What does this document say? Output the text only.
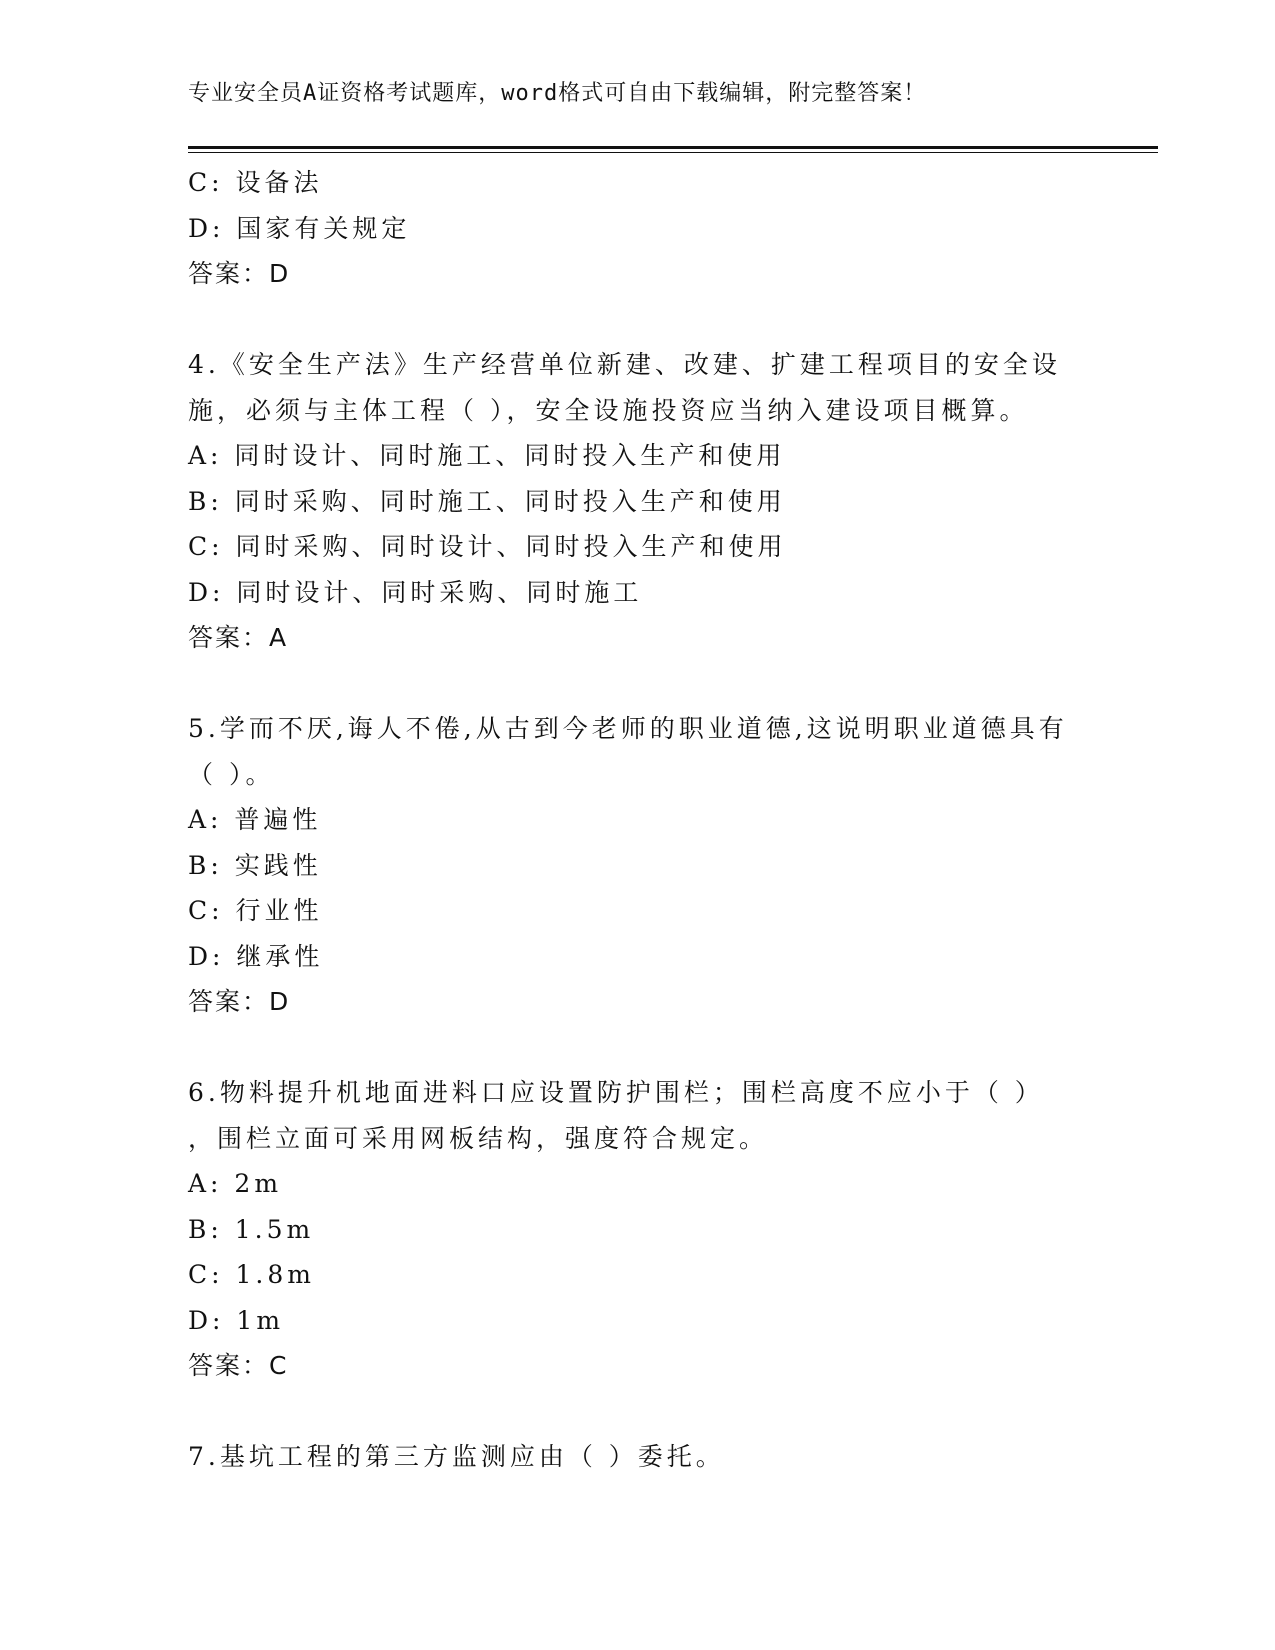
专业安全员A证资格考试题库，word格式可自由下载编辑，附完整答案！
C: 设备法
D: 国家有关规定
答案：D
4.《安全生产法》生产经营单位新建、改建、扩建工程项目的安全设
施，必须与主体工程（ ），安全设施投资应当纳入建设项目概算。
A: 同时设计、同时施工、同时投入生产和使用
B: 同时采购、同时施工、同时投入生产和使用
C: 同时采购、同时设计、同时投入生产和使用
D: 同时设计、同时采购、同时施工
答案：A
5.学而不厌,诲人不倦,从古到今老师的职业道德,这说明职业道德具有
（ ）。
A: 普遍性
B: 实践性
C: 行业性
D: 继承性
答案：D
6.物料提升机地面进料口应设置防护围栏；围栏高度不应小于（ ）
，围栏立面可采用网板结构，强度符合规定。
A: 2m
B: 1.5m
C: 1.8m
D: 1m
答案：C
7.基坑工程的第三方监测应由（ ）委托。
